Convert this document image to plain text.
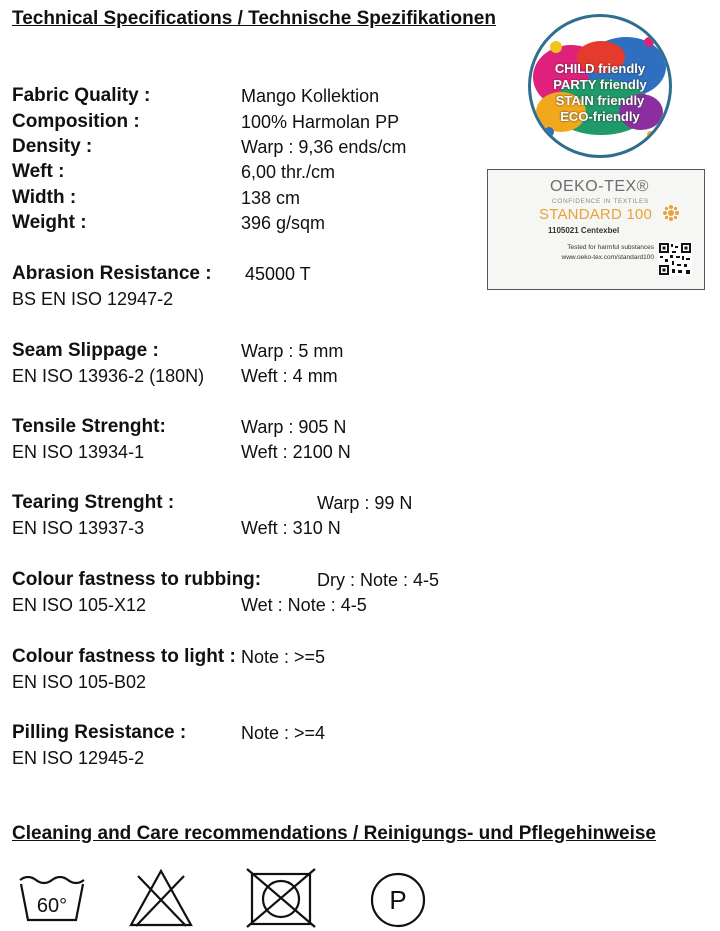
Technical Specifications / Technische Spezifikationen
CHILD friendly
PARTY friendly
STAIN friendly
ECO-friendly
OEKO-TEX®
CONFIDENCE IN TEXTILES
STANDARD 100
1105021 Centexbel
Tested for harmful substances
www.oeko-tex.com/standard100
Fabric Quality :	Mango Kollektion
Composition :	100% Harmolan PP
Density :	Warp : 9,36 ends/cm
Weft :	6,00 thr./cm
Width :	138 cm
Weight :	396 g/sqm
Abrasion Resistance : 45000 T
BS EN ISO 12947-2
Seam Slippage :	Warp : 5 mm
EN ISO 13936-2 (180N) Weft : 4 mm
Tensile Strenght:	Warp : 905 N
EN ISO 13934-1	Weft : 2100 N
Tearing Strenght :	Warp : 99 N
EN ISO 13937-3	Weft : 310 N
Colour fastness to rubbing:	Dry : Note : 4-5
EN ISO 105-X12	Wet : Note : 4-5
Colour fastness to light : Note : >=5
EN ISO 105-B02
Pilling Resistance :	Note : >=4
EN ISO 12945-2
Cleaning and Care recommendations / Reinigungs- und Pflegehinweise
60°	P
